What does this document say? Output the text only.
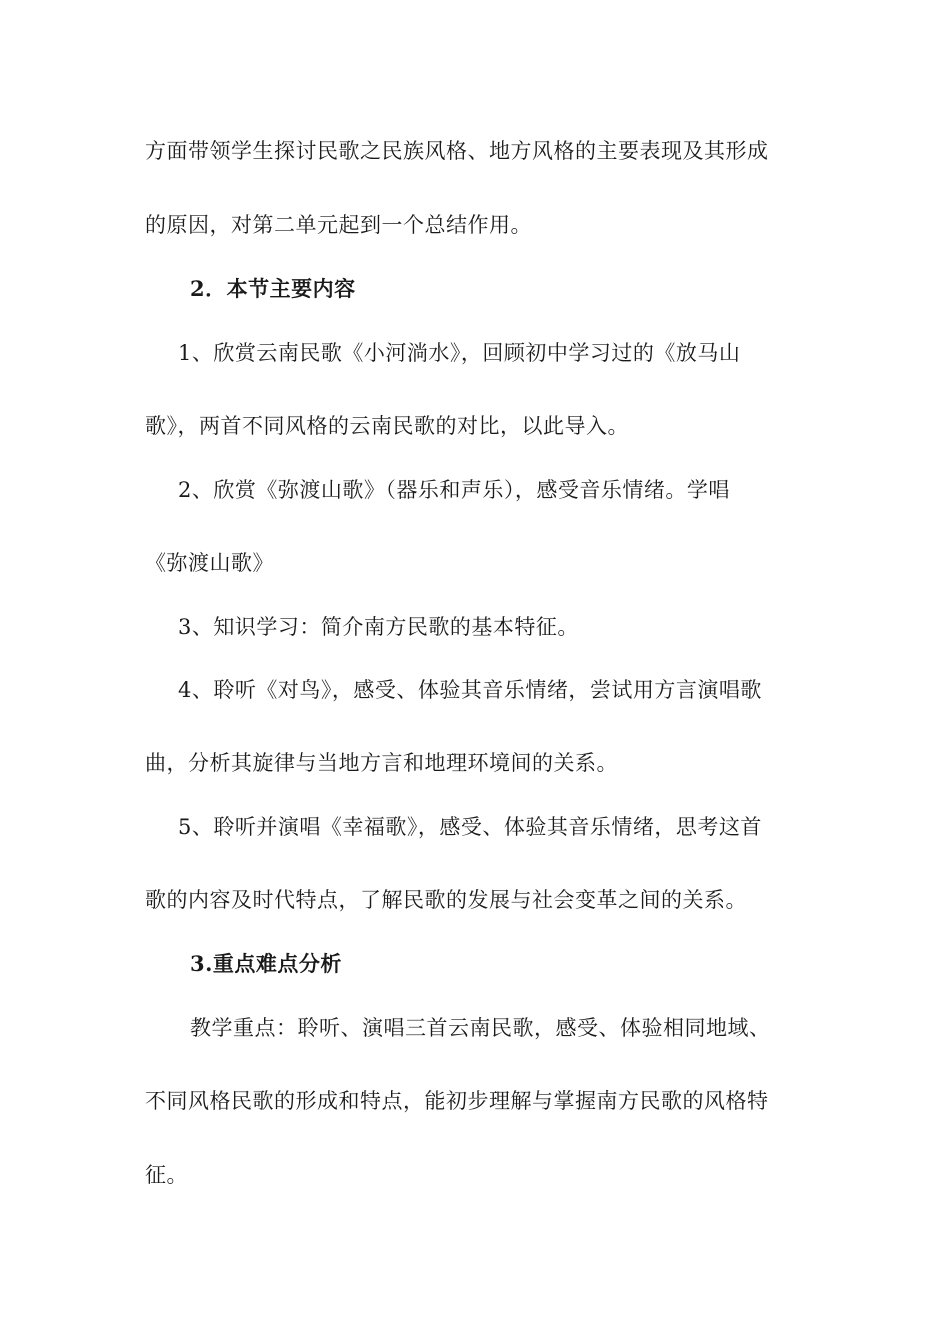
方面带领学生探讨民歌之民族风格、地方风格的主要表现及其形成
的原因，对第二单元起到一个总结作用。
2．本节主要内容
1、欣赏云南民歌《小河淌水》，回顾初中学习过的《放马山
歌》，两首不同风格的云南民歌的对比，以此导入。
2、欣赏《弥渡山歌》（器乐和声乐），感受音乐情绪。学唱
《弥渡山歌》
3、知识学习：简介南方民歌的基本特征。
4、聆听《对鸟》，感受、体验其音乐情绪，尝试用方言演唱歌
曲，分析其旋律与当地方言和地理环境间的关系。
5、聆听并演唱《幸福歌》，感受、体验其音乐情绪，思考这首
歌的内容及时代特点，了解民歌的发展与社会变革之间的关系。
3.重点难点分析
教学重点：聆听、演唱三首云南民歌，感受、体验相同地域、
不同风格民歌的形成和特点，能初步理解与掌握南方民歌的风格特
征。
